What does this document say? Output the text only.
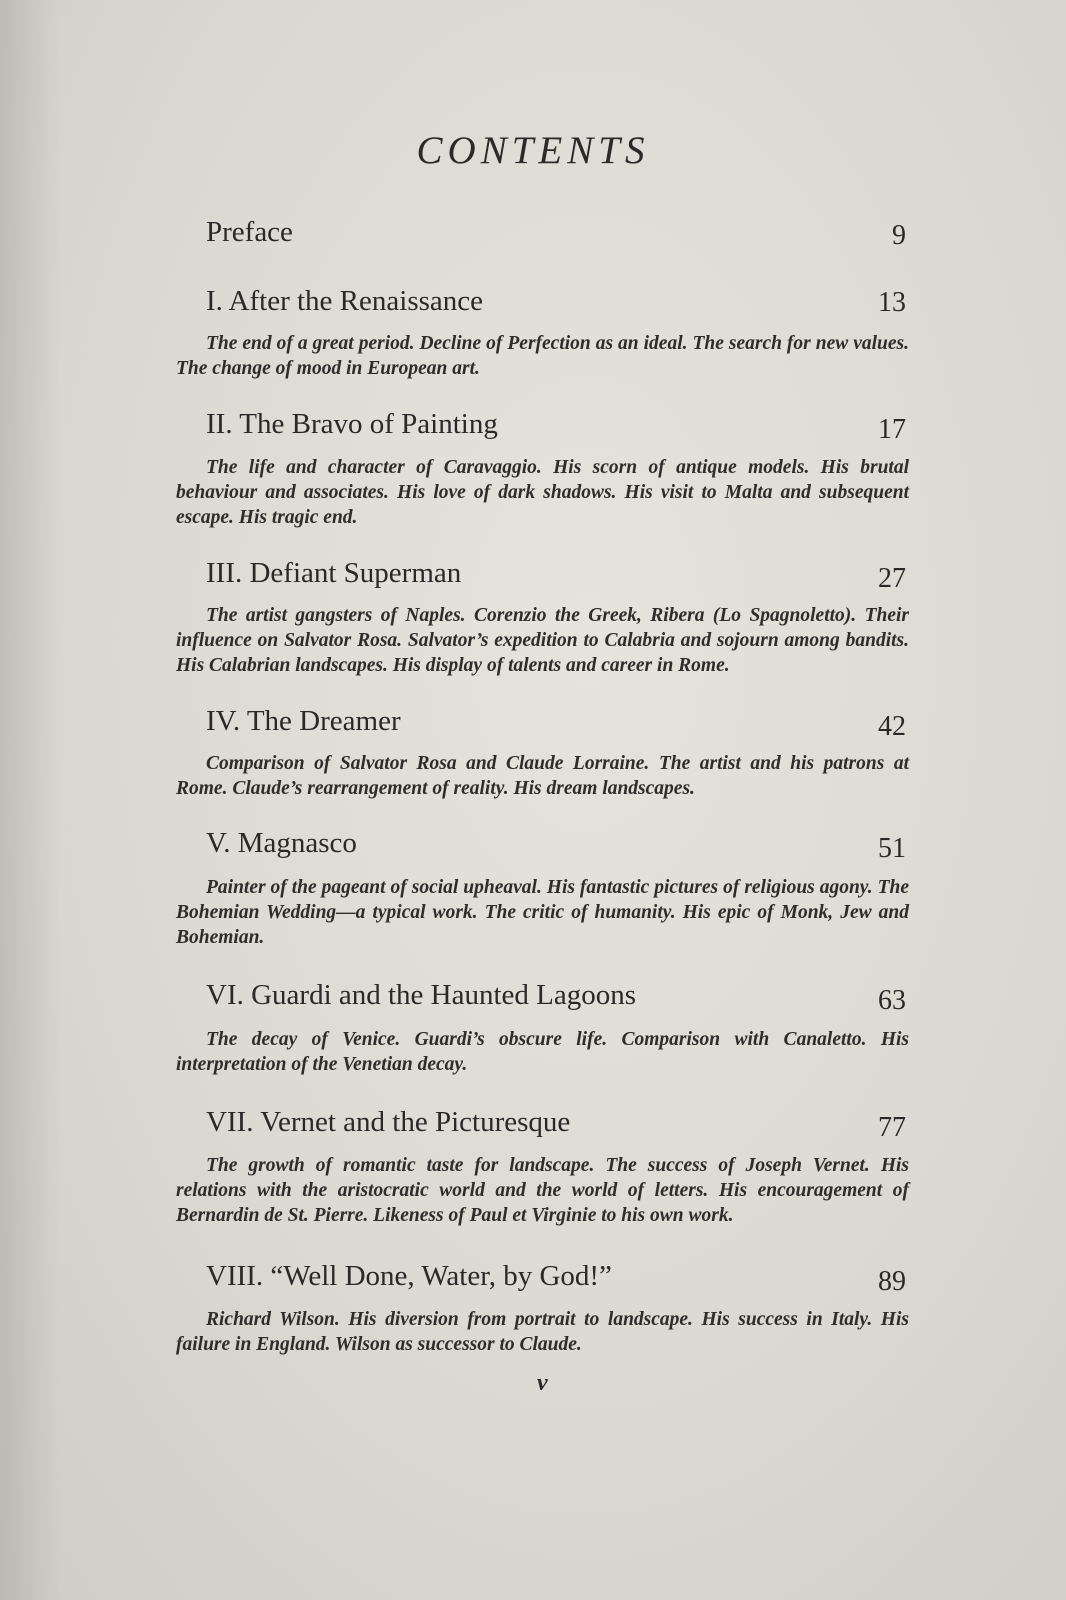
CONTENTS
Preface	9
I. After the Renaissance	13
The end of a great period. Decline of Perfection as an ideal. The search for new values. The change of mood in European art.
II. The Bravo of Painting	17
The life and character of Caravaggio. His scorn of antique models. His brutal behaviour and associates. His love of dark shadows. His visit to Malta and subsequent escape. His tragic end.
III. Defiant Superman	27
The artist gangsters of Naples. Corenzio the Greek, Ribera (Lo Spagnoletto). Their influence on Salvator Rosa. Salvator’s expedition to Calabria and sojourn among bandits. His Calabrian landscapes. His display of talents and career in Rome.
IV. The Dreamer	42
Comparison of Salvator Rosa and Claude Lorraine. The artist and his patrons at Rome. Claude’s rearrangement of reality. His dream landscapes.
V. Magnasco	51
Painter of the pageant of social upheaval. His fantastic pictures of religious agony. The Bohemian Wedding—a typical work. The critic of humanity. His epic of Monk, Jew and Bohemian.
VI. Guardi and the Haunted Lagoons	63
The decay of Venice. Guardi’s obscure life. Comparison with Canaletto. His interpretation of the Venetian decay.
VII. Vernet and the Picturesque	77
The growth of romantic taste for landscape. The success of Joseph Vernet. His relations with the aristocratic world and the world of letters. His encouragement of Bernardin de St. Pierre. Likeness of Paul et Virginie to his own work.
VIII. “Well Done, Water, by God!”	89
Richard Wilson. His diversion from portrait to landscape. His success in Italy. His failure in England. Wilson as successor to Claude.
v
